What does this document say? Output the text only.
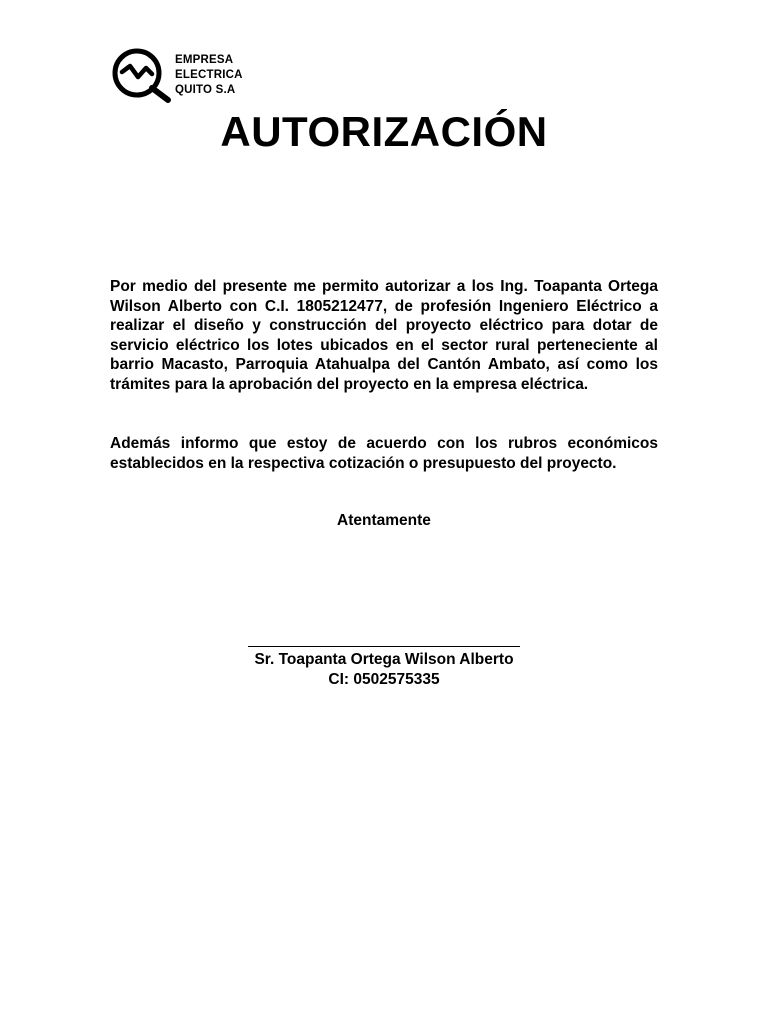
EMPRESA
ELECTRICA
QUITO S.A
AUTORIZACIÓN
Por medio del presente me permito autorizar a los Ing. Toapanta Ortega Wilson Alberto con C.I. 1805212477, de profesión Ingeniero Eléctrico a realizar el diseño y construcción del proyecto eléctrico para dotar de servicio eléctrico los lotes ubicados en el sector rural perteneciente al barrio Macasto, Parroquia Atahualpa del Cantón Ambato, así como los trámites para la aprobación del proyecto en la empresa eléctrica.
Además informo que estoy de acuerdo con los rubros económicos establecidos en la respectiva cotización o presupuesto del proyecto.
Atentamente
Sr. Toapanta Ortega Wilson Alberto
CI: 0502575335
